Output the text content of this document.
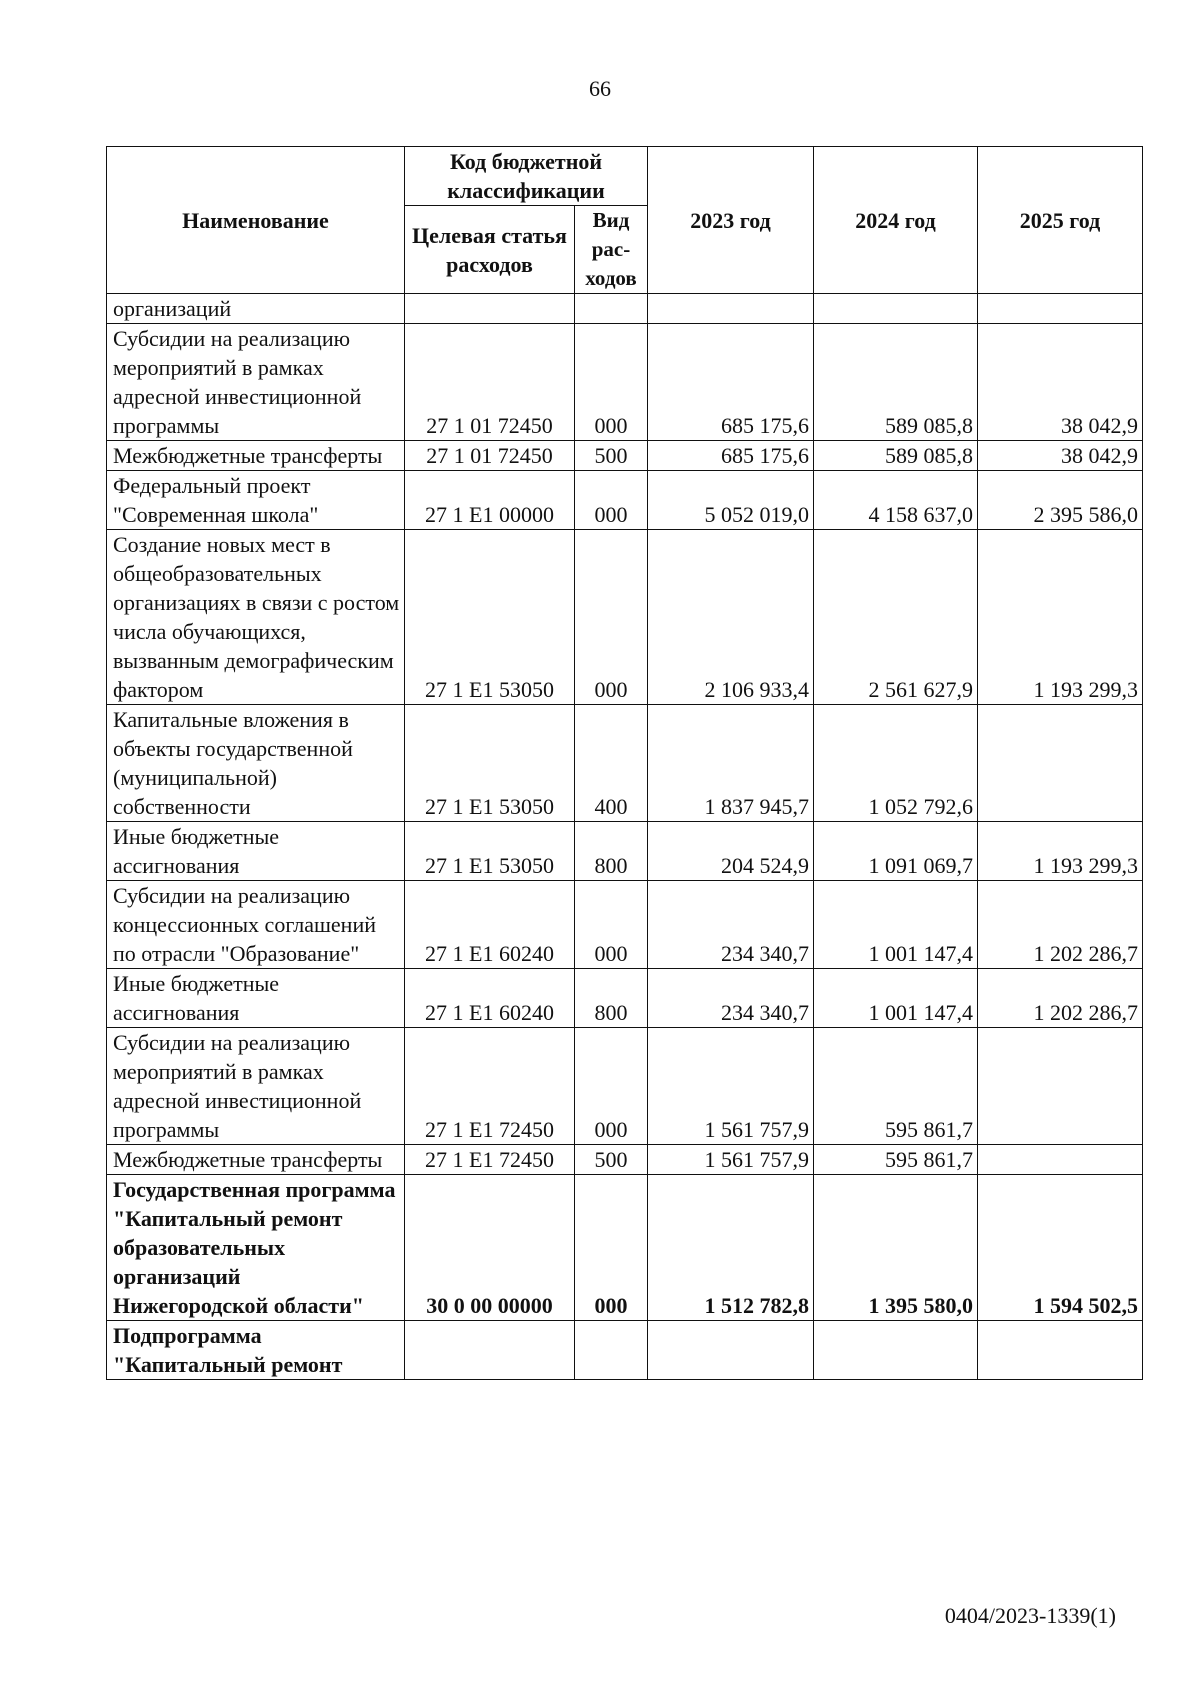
66
Наименование	Код бюджетной классификации		2023 год	2024 год	2025 год
	Целевая статья расходов	Вид рас-ходов			
организаций					
Субсидии на реализацию мероприятий в рамках адресной инвестиционной программы	27 1 01 72450	000	685 175,6	589 085,8	38 042,9
Межбюджетные трансферты	27 1 01 72450	500	685 175,6	589 085,8	38 042,9
Федеральный проект "Современная школа"	27 1 E1 00000	000	5 052 019,0	4 158 637,0	2 395 586,0
Создание новых мест в общеобразовательных организациях в связи с ростом числа обучающихся, вызванным демографическим фактором	27 1 E1 53050	000	2 106 933,4	2 561 627,9	1 193 299,3
Капитальные вложения в объекты государственной (муниципальной) собственности	27 1 E1 53050	400	1 837 945,7	1 052 792,6	
Иные бюджетные ассигнования	27 1 E1 53050	800	204 524,9	1 091 069,7	1 193 299,3
Субсидии на реализацию концессионных соглашений по отрасли "Образование"	27 1 E1 60240	000	234 340,7	1 001 147,4	1 202 286,7
Иные бюджетные ассигнования	27 1 E1 60240	800	234 340,7	1 001 147,4	1 202 286,7
Субсидии на реализацию мероприятий в рамках адресной инвестиционной программы	27 1 E1 72450	000	1 561 757,9	595 861,7	
Межбюджетные трансферты	27 1 E1 72450	500	1 561 757,9	595 861,7	
Государственная программа "Капитальный ремонт образовательных организаций Нижегородской области"	30 0 00 00000	000	1 512 782,8	1 395 580,0	1 594 502,5
Подпрограмма "Капитальный ремонт					
0404/2023-1339(1)
